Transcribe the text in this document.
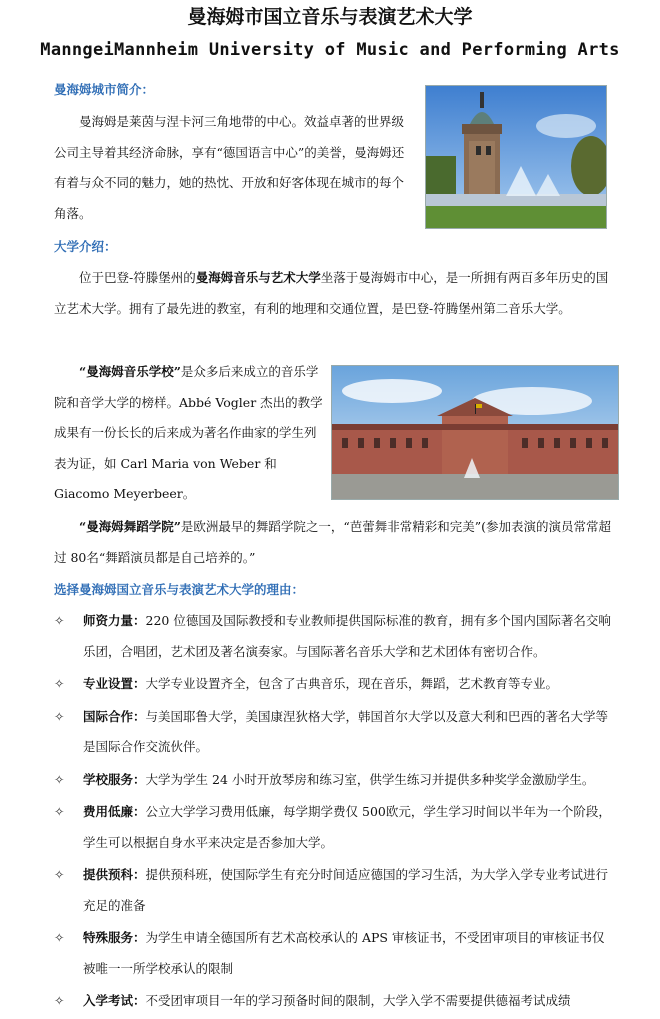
曼海姆市国立音乐与表演艺术大学
ManngeiMannheim University of Music and Performing Arts
曼海姆城市简介：

曼海姆是莱茵与涅卡河三角地带的中心。效益卓著的世界级公司主导着其经济命脉，享有“德国语言中心”的美誉，曼海姆还有着与众不同的魅力，她的热忱、开放和好客体现在城市的每个角落。

大学介绍：

位于巴登-符滕堡州的曼海姆音乐与艺术大学坐落于曼海姆市中心，是一所拥有两百多年历史的国立艺术大学。拥有了最先进的教室，有利的地理和交通位置，是巴登-符腾堡州第二音乐大学。

“曼海姆音乐学校”是众多后来成立的音乐学院和音学大学的榜样。Abbé Vogler 杰出的教学成果有一份长长的后来成为著名作曲家的学生列表为证，如 Carl Maria von Weber 和 Giacomo Meyerbeer。

“曼海姆舞蹈学院”是欧洲最早的舞蹈学院之一，“芭蕾舞非常精彩和完美”(参加表演的演员常常超过 80名“舞蹈演员都是自己培养的。”

选择曼海姆国立音乐与表演艺术大学的理由：
✧ 师资力量：220 位德国及国际教授和专业教师提供国际标准的教育，拥有多个国内国际著名交响乐团，合唱团，艺术团及著名演奏家。与国际著名音乐大学和艺术团体有密切合作。
✧ 专业设置：大学专业设置齐全，包含了古典音乐，现在音乐，舞蹈，艺术教育等专业。
✧ 国际合作：与美国耶鲁大学，美国康涅狄格大学，韩国首尔大学以及意大利和巴西的著名大学等是国际合作交流伙伴。
✧ 学校服务：大学为学生 24 小时开放琴房和练习室，供学生练习并提供多种奖学金激励学生。
✧ 费用低廉：公立大学学习费用低廉，每学期学费仅 500欧元，学生学习时间以半年为一个阶段，学生可以根据自身水平来决定是否参加大学。
✧ 提供预科：提供预科班，使国际学生有充分时间适应德国的学习生活，为大学入学专业考试进行充足的准备
✧ 特殊服务：为学生申请全德国所有艺术高校承认的 APS 审核证书，不受团审项目的审核证书仅被唯一一所学校承认的限制
✧ 入学考试：不受团审项目一年的学习预备时间的限制，大学入学不需要提供德福考试成绩
